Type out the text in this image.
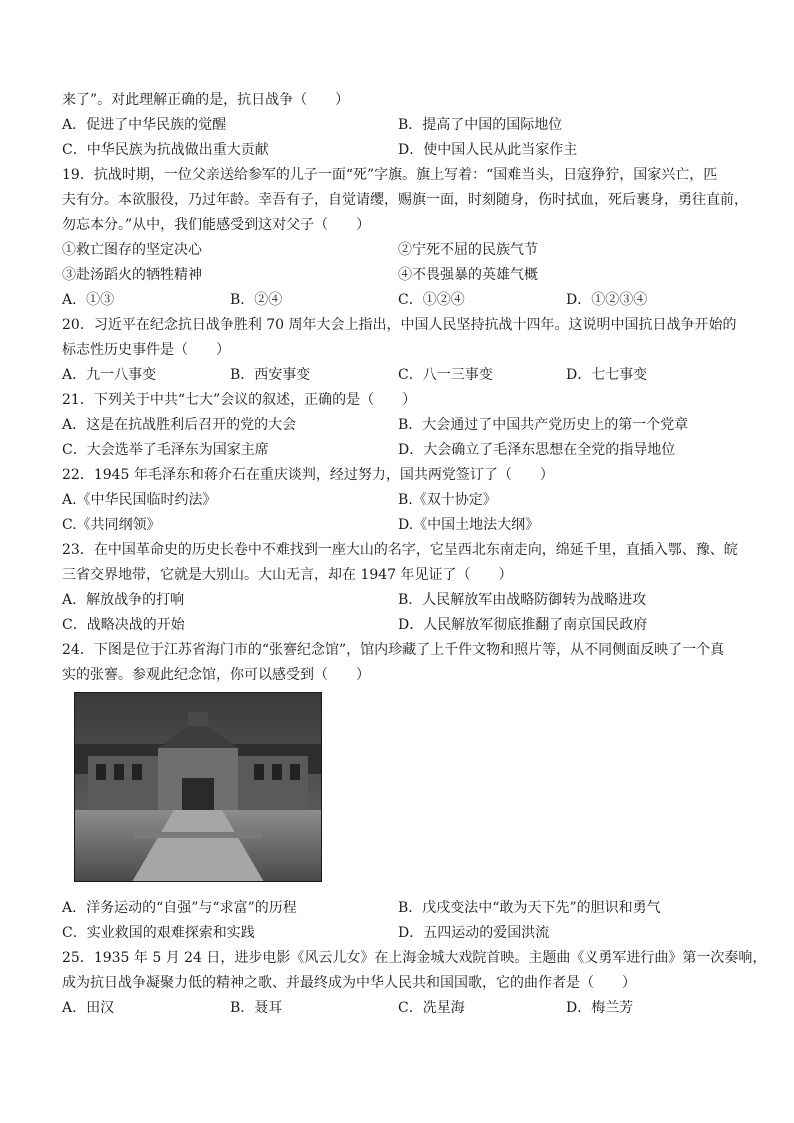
来了”。对此理解正确的是，抗日战争（　　）
A．促进了中华民族的觉醒	B．提高了中国的国际地位
C．中华民族为抗战做出重大贡献	D．使中国人民从此当家作主
19．抗战时期，一位父亲送给参军的儿子一面“死”字旗。旗上写着：“国难当头，日寇狰狞，国家兴亡，匹
夫有分。本欲服役，乃过年龄。幸吾有子，自觉请缨，赐旗一面，时刻随身，伤时拭血，死后裹身，勇往直前，
勿忘本分。”从中，我们能感受到这对父子（　　）
①救亡图存的坚定决心	②宁死不屈的民族气节
③赴汤蹈火的牺牲精神	④不畏强暴的英雄气概
A．①③	B．②④	C．①②④	D．①②③④
20．习近平在纪念抗日战争胜利 70 周年大会上指出，中国人民坚持抗战十四年。这说明中国抗日战争开始的
标志性历史事件是（　　）
A．九一八事变	B．西安事变	C．八一三事变	D．七七事变
21．下列关于中共“七大”会议的叙述，正确的是（　　）
A．这是在抗战胜利后召开的党的大会	B．大会通过了中国共产党历史上的第一个党章
C．大会选举了毛泽东为国家主席	D．大会确立了毛泽东思想在全党的指导地位
22．1945 年毛泽东和蒋介石在重庆谈判，经过努力，国共两党签订了（　　）
A.《中华民国临时约法》	B.《双十协定》
C.《共同纲领》	D.《中国土地法大纲》
23．在中国革命史的历史长卷中不难找到一座大山的名字，它呈西北东南走向，绵延千里，直插入鄂、豫、皖
三省交界地带，它就是大别山。大山无言，却在 1947 年见证了（　　）
A．解放战争的打响	B．人民解放军由战略防御转为战略进攻
C．战略决战的开始	D．人民解放军彻底推翻了南京国民政府
24．下图是位于江苏省海门市的“张謇纪念馆”，馆内珍藏了上千件文物和照片等，从不同侧面反映了一个真
实的张謇。参观此纪念馆，你可以感受到（　　）
A．洋务运动的“自强”与“求富”的历程	B．戊戌变法中“敢为天下先”的胆识和勇气
C．实业救国的艰难探索和实践	D．五四运动的爱国洪流
25．1935 年 5 月 24 日，进步电影《风云儿女》在上海金城大戏院首映。主题曲《义勇军进行曲》第一次奏响，
成为抗日战争凝聚力低的精神之歌、并最终成为中华人民共和国国歌，它的曲作者是（　　）
A．田汉	B．聂耳	C．冼星海	D．梅兰芳
